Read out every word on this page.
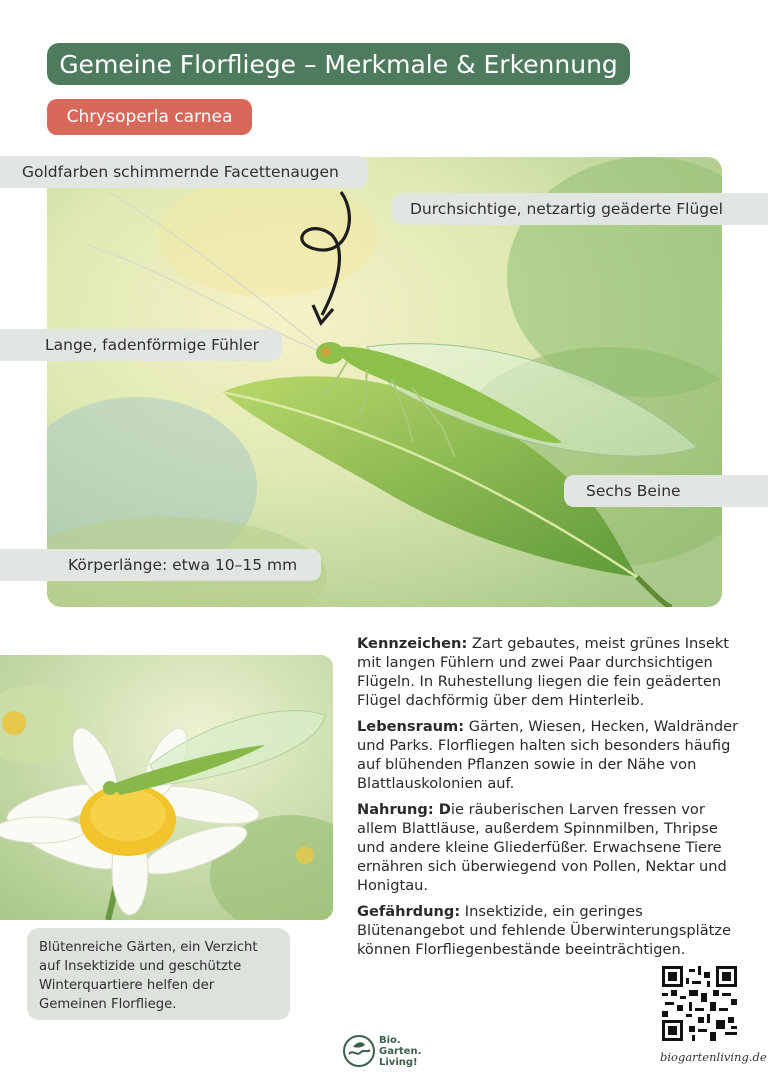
Gemeine Florfliege – Merkmale & Erkennung
Chrysoperla carnea
Goldfarben schimmernde Facettenaugen
Durchsichtige, netzartig geäderte Flügel
Lange, fadenförmige Fühler
Sechs Beine
Körperlänge: etwa 10–15 mm
Blütenreiche Gärten, ein Verzicht auf Insektizide und geschützte Winterquartiere helfen der Gemeinen Florfliege.

Kennzeichen: Zart gebautes, meist grünes Insekt mit langen Fühlern und zwei Paar durchsichtigen Flügeln. In Ruhestellung liegen die fein geäderten Flügel dachförmig über dem Hinterleib.

Lebensraum: Gärten, Wiesen, Hecken, Waldränder und Parks. Florfliegen halten sich besonders häufig auf blühenden Pflanzen sowie in der Nähe von Blattlauskolonien auf.

Nahrung: Die räuberischen Larven fressen vor allem Blattläuse, außerdem Spinnmilben, Thripse und andere kleine Gliederfüßer. Erwachsene Tiere ernähren sich überwiegend von Pollen, Nektar und Honigtau.

Gefährdung: Insektizide, ein geringes Blütenangebot und fehlende Überwinterungsplätze können Florfliegenbestände beeinträchtigen.

Bio.
Garten.
Living!	biogartenliving.de
